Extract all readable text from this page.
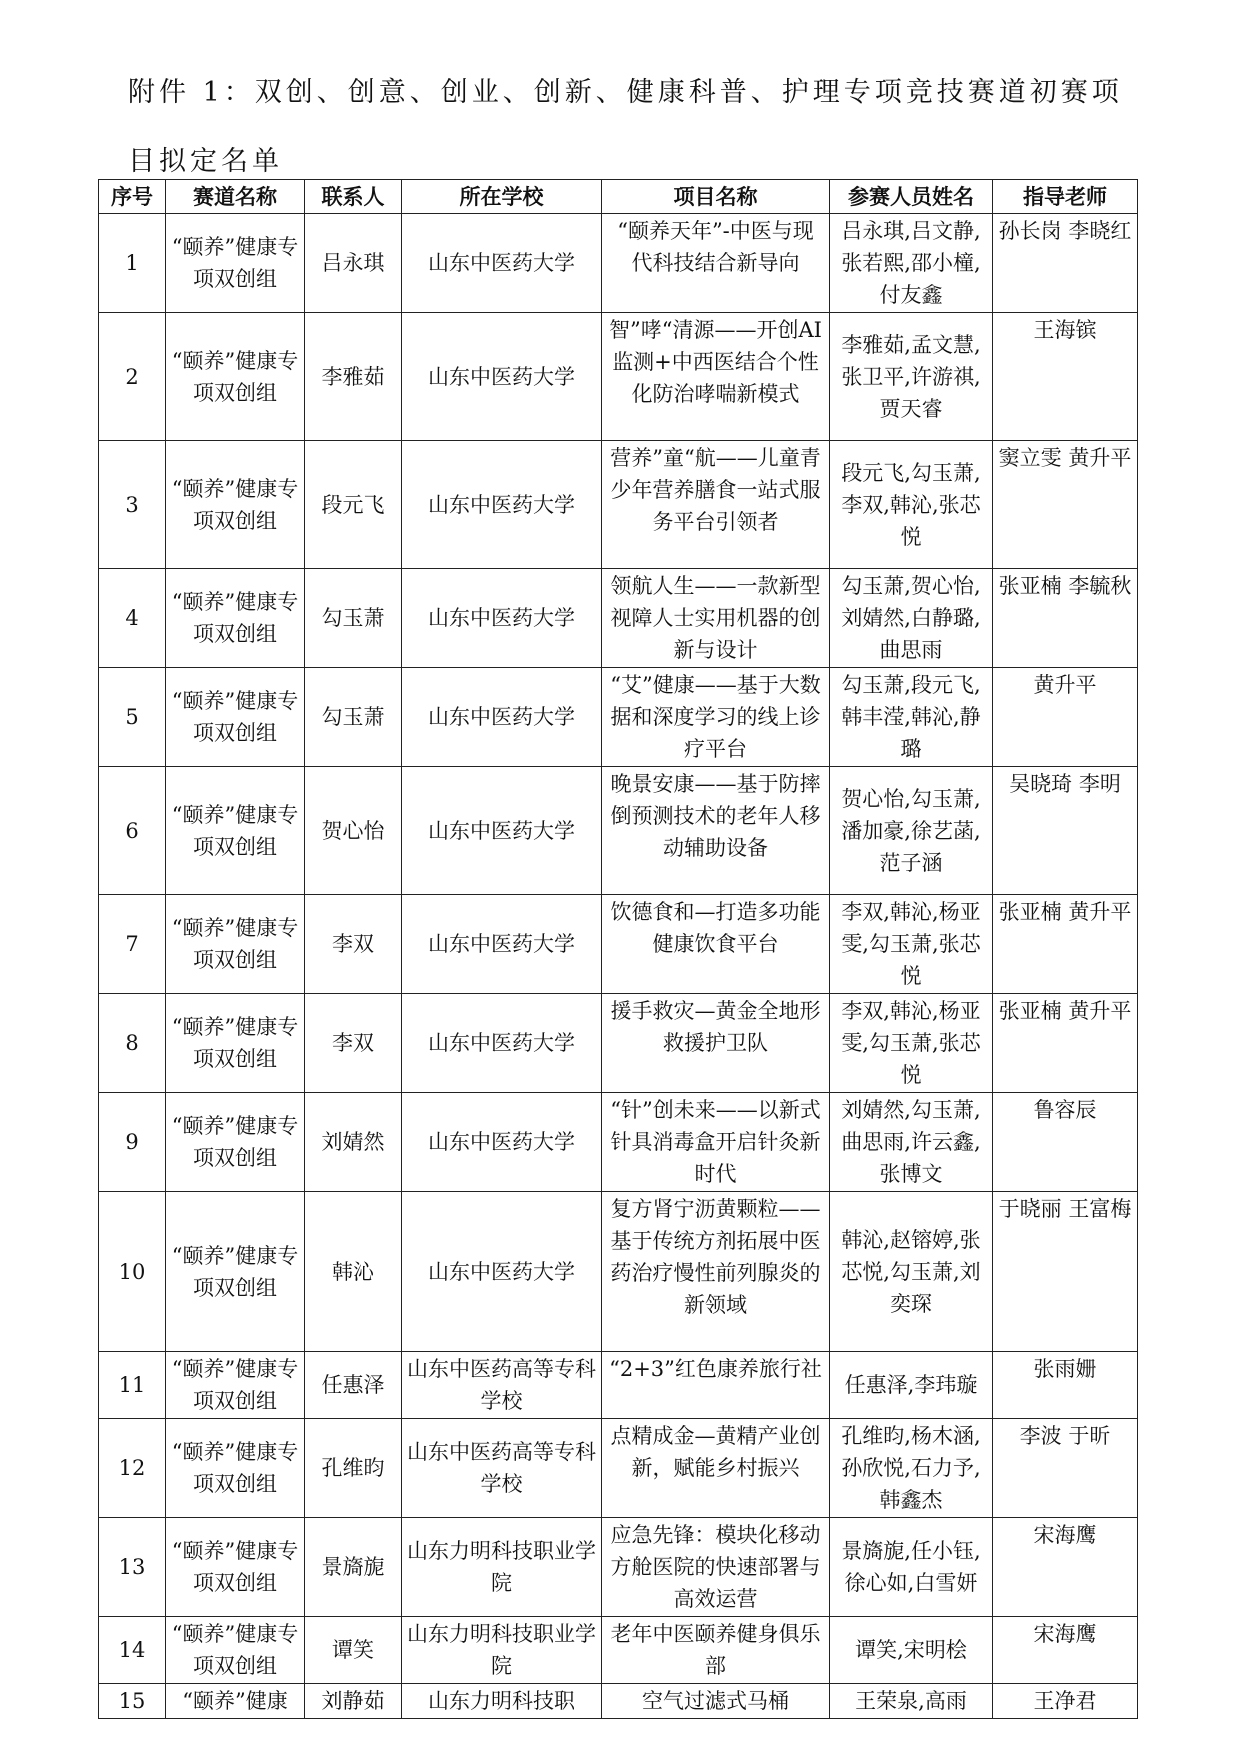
附件 1：双创、创意、创业、创新、健康科普、护理专项竞技赛道初赛项目拟定名单
序号	赛道名称	联系人	所在学校	项目名称	参赛人员姓名	指导老师
1	“颐养”健康专项双创组	吕永琪	山东中医药大学	“颐养天年”-中医与现代科技结合新导向	吕永琪,吕文静,张若熙,邵小橦,付友鑫	孙长岗 李晓红
2	“颐养”健康专项双创组	李雅茹	山东中医药大学	智”哮“清源——开创AI监测+中西医结合个性化防治哮喘新模式	李雅茹,孟文慧,张卫平,许游祺,贾天睿	王海镔
3	“颐养”健康专项双创组	段元飞	山东中医药大学	营养”童“航——儿童青少年营养膳食一站式服务平台引领者	段元飞,勾玉萧,李双,韩沁,张芯悦	窦立雯 黄升平
4	“颐养”健康专项双创组	勾玉萧	山东中医药大学	领航人生——一款新型视障人士实用机器的创新与设计	勾玉萧,贺心怡,刘婧然,白静璐,曲思雨	张亚楠 李毓秋
5	“颐养”健康专项双创组	勾玉萧	山东中医药大学	“艾”健康——基于大数据和深度学习的线上诊疗平台	勾玉萧,段元飞,韩丰滢,韩沁,静璐	黄升平
6	“颐养”健康专项双创组	贺心怡	山东中医药大学	晚景安康——基于防摔倒预测技术的老年人移动辅助设备	贺心怡,勾玉萧,潘加豪,徐艺菡,范子涵	吴晓琦 李明
7	“颐养”健康专项双创组	李双	山东中医药大学	饮德食和—打造多功能健康饮食平台	李双,韩沁,杨亚雯,勾玉萧,张芯悦	张亚楠 黄升平
8	“颐养”健康专项双创组	李双	山东中医药大学	援手救灾—黄金全地形救援护卫队	李双,韩沁,杨亚雯,勾玉萧,张芯悦	张亚楠 黄升平
9	“颐养”健康专项双创组	刘婧然	山东中医药大学	“针”创未来——以新式针具消毒盒开启针灸新时代	刘婧然,勾玉萧,曲思雨,许云鑫,张博文	鲁容辰
10	“颐养”健康专项双创组	韩沁	山东中医药大学	复方肾宁沥黄颗粒——基于传统方剂拓展中医药治疗慢性前列腺炎的新领域	韩沁,赵镕婷,张芯悦,勾玉萧,刘奕琛	于晓丽 王富梅
11	“颐养”健康专项双创组	任惠泽	山东中医药高等专科学校	“2+3”红色康养旅行社	任惠泽,李玮璇	张雨姗
12	“颐养”健康专项双创组	孔维昀	山东中医药高等专科学校	点精成金—黄精产业创新，赋能乡村振兴	孔维昀,杨木涵,孙欣悦,石力予,韩鑫杰	李波 于昕
13	“颐养”健康专项双创组	景旖旎	山东力明科技职业学院	应急先锋：模块化移动方舱医院的快速部署与高效运营	景旖旎,任小钰,徐心如,白雪妍	宋海鹰
14	“颐养”健康专项双创组	谭笑	山东力明科技职业学院	老年中医颐养健身俱乐部	谭笑,宋明桧	宋海鹰
15	“颐养”健康	刘静茹	山东力明科技职	空气过滤式马桶	王荣泉,高雨	王净君
